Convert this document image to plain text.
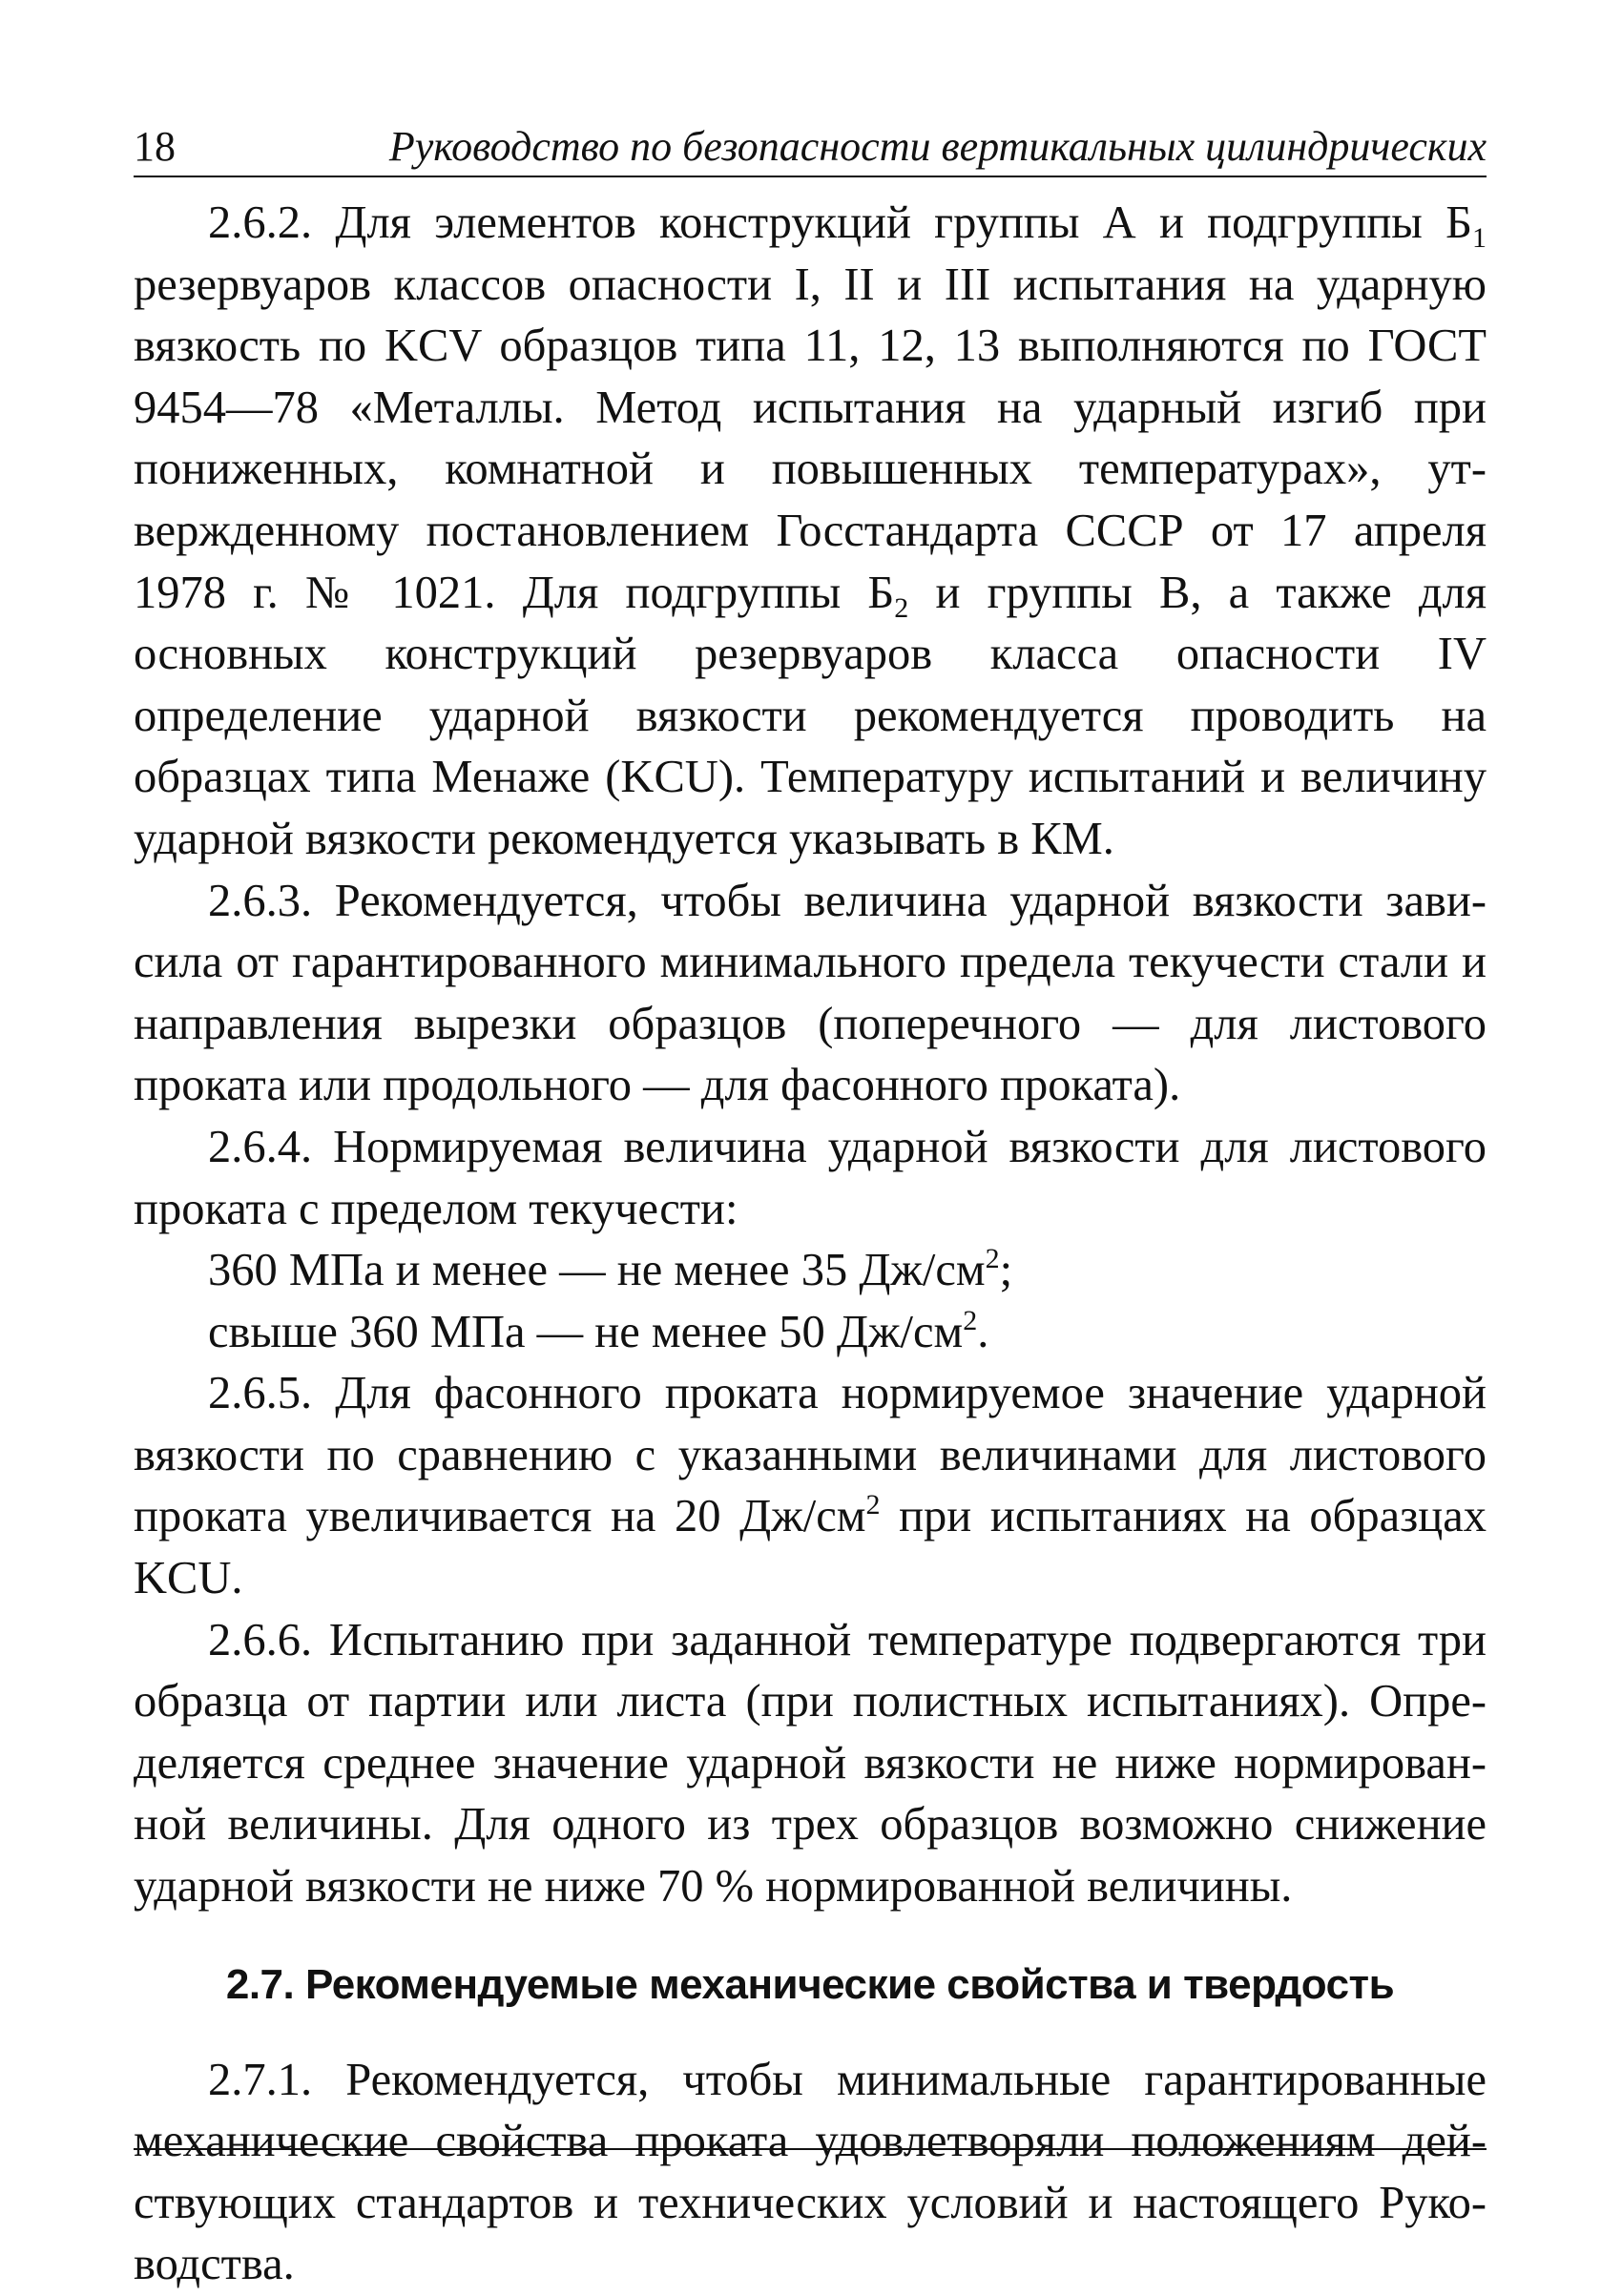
18	Руководство по безопасности вертикальных цилиндрических

2.6.2. Для элементов конструкций группы А и подгруппы $Б_1$ резервуаров классов опасности I, II и III испытания на ударную вязкость по KCV образцов типа 11, 12, 13 выполняются по ГОСТ 9454—78 «Металлы. Метод испытания на ударный изгиб при пониженных, комнатной и повышенных температурах», утвержденному постановлением Госстандарта СССР от 17 апреля 1978 г. № 1021. Для подгруппы $Б_2$ и группы В, а также для основных конструкций резервуаров класса опасности IV определение ударной вязкости рекомендуется проводить на образцах типа Менаже (KCU). Температуру испытаний и величину ударной вязкости рекомендуется указывать в КМ.

2.6.3. Рекомендуется, чтобы величина ударной вязкости зависила от гарантированного минимального предела текучести стали и направления вырезки образцов (поперечного — для листового проката или продольного — для фасонного проката).

2.6.4. Нормируемая величина ударной вязкости для листового проката с пределом текучести:

360 МПа и менее — не менее 35 $Дж/см^2$;

свыше 360 МПа — не менее 50 $Дж/см^2$.

2.6.5. Для фасонного проката нормируемое значение ударной вязкости по сравнению с указанными величинами для листового проката увеличивается на 20 $Дж/см^2$ при испытаниях на образцах KCU.

2.6.6. Испытанию при заданной температуре подвергаются три образца от партии или листа (при полистных испытаниях). Определяется среднее значение ударной вязкости не ниже нормированной величины. Для одного из трех образцов возможно снижение ударной вязкости не ниже 70 % нормированной величины.

2.7. Рекомендуемые механические свойства и твердость

2.7.1. Рекомендуется, чтобы минимальные гарантированные механические свойства проката удовлетворяли положениям действующих стандартов и технических условий и настоящего Руководства.
